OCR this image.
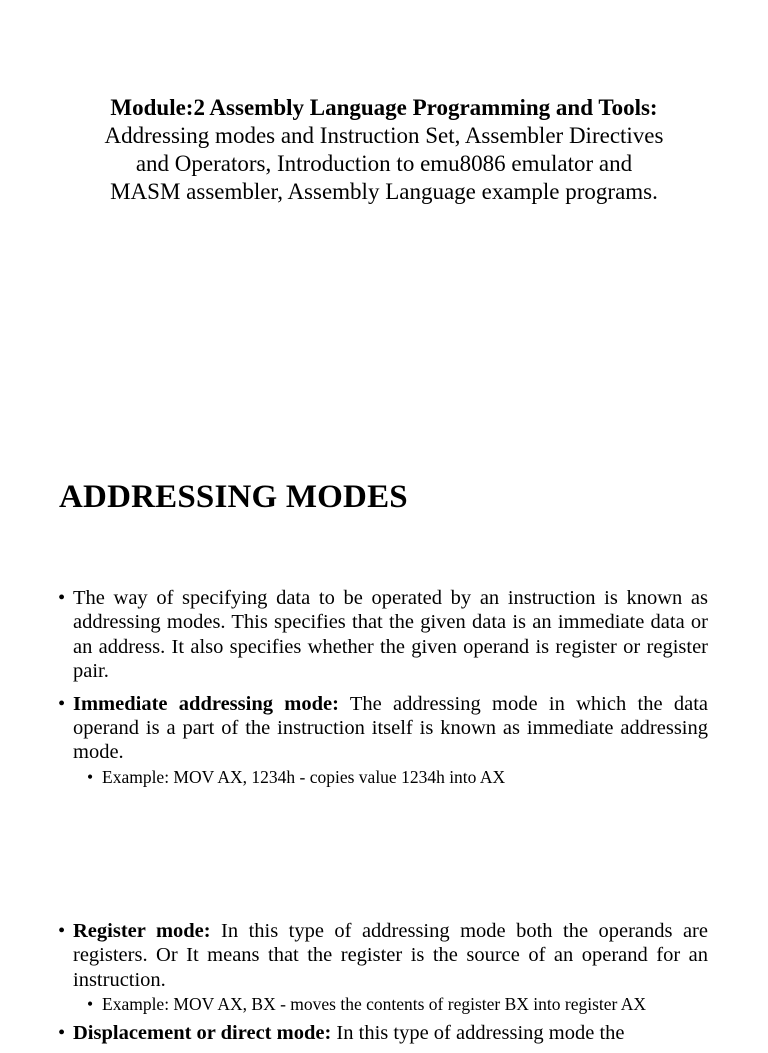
Module:2 Assembly Language Programming and Tools:
Addressing modes and Instruction Set, Assembler Directives and Operators, Introduction to emu8086 emulator and MASM assembler, Assembly Language example programs.
ADDRESSING MODES
• The way of specifying data to be operated by an instruction is known as addressing modes. This specifies that the given data is an immediate data or an address. It also specifies whether the given operand is register or register pair.
• Immediate addressing mode: The addressing mode in which the data operand is a part of the instruction itself is known as immediate addressing mode.
• Example: MOV AX, 1234h - copies value 1234h into AX
• Register mode: In this type of addressing mode both the operands are registers. Or It means that the register is the source of an operand for an instruction.
• Example: MOV AX, BX - moves the contents of register BX into register AX
• Displacement or direct mode: In this type of addressing mode the
